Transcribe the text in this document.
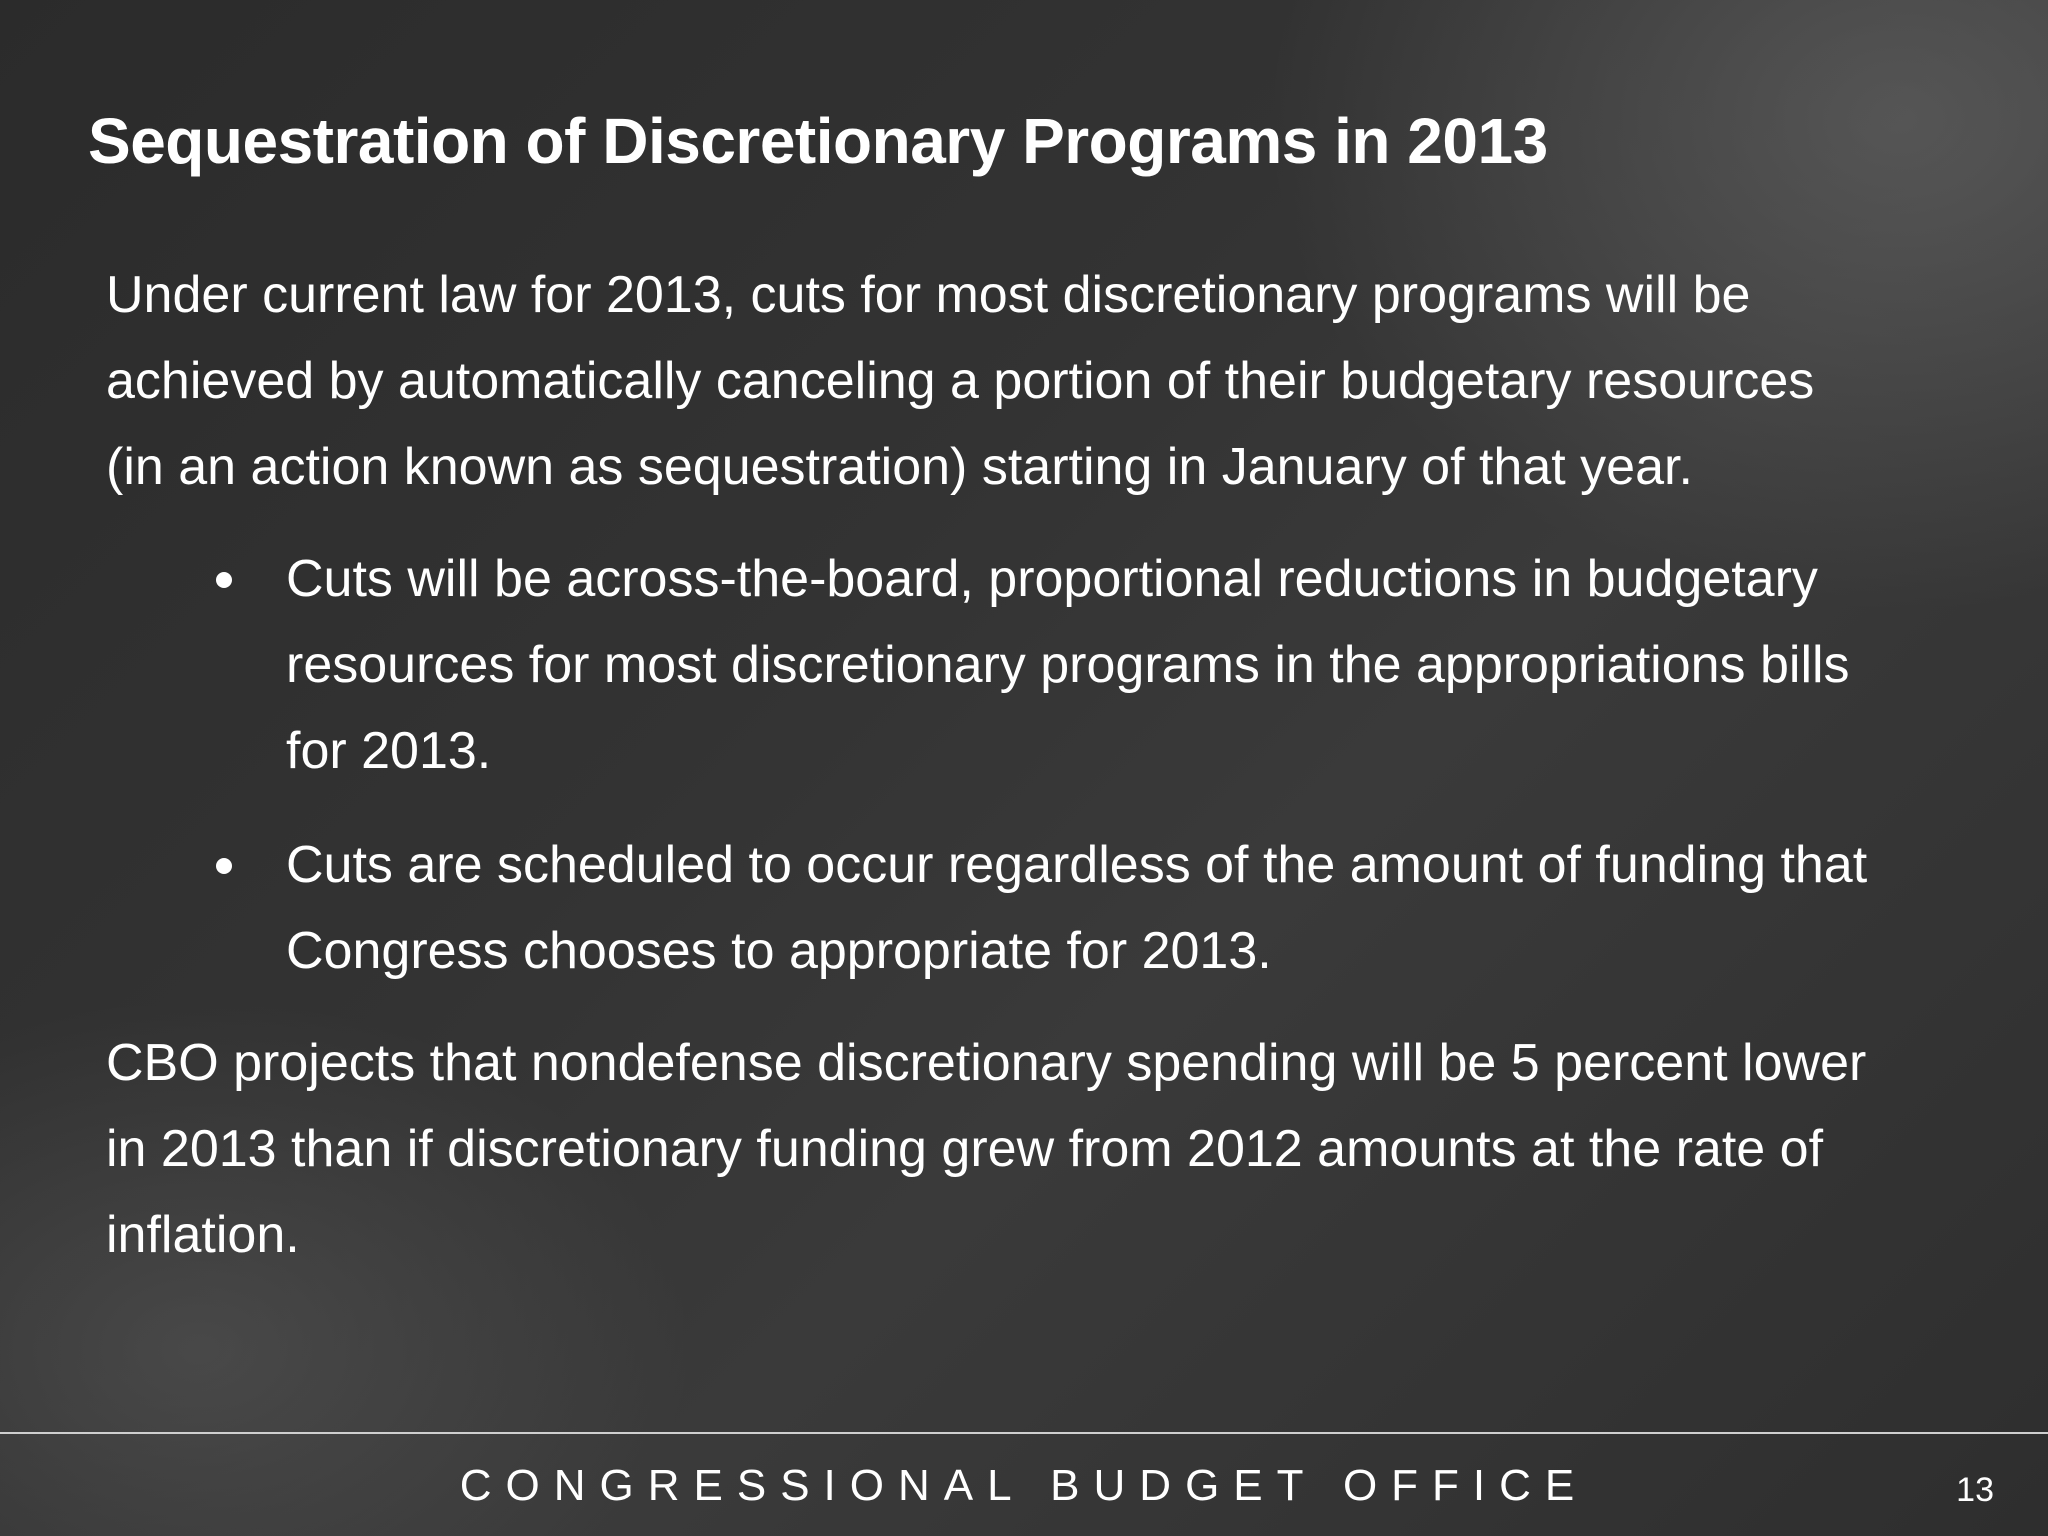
Sequestration of Discretionary Programs in 2013

Under current law for 2013, cuts for most discretionary programs will be achieved by automatically canceling a portion of their budgetary resources (in an action known as sequestration) starting in January of that year.

Cuts will be across-the-board, proportional reductions in budgetary resources for most discretionary programs in the appropriations bills for 2013.
Cuts are scheduled to occur regardless of the amount of funding that Congress chooses to appropriate for 2013.

CBO projects that nondefense discretionary spending will be 5 percent lower in 2013 than if discretionary funding grew from 2012 amounts at the rate of inflation.

CONGRESSIONAL BUDGET OFFICE	13
